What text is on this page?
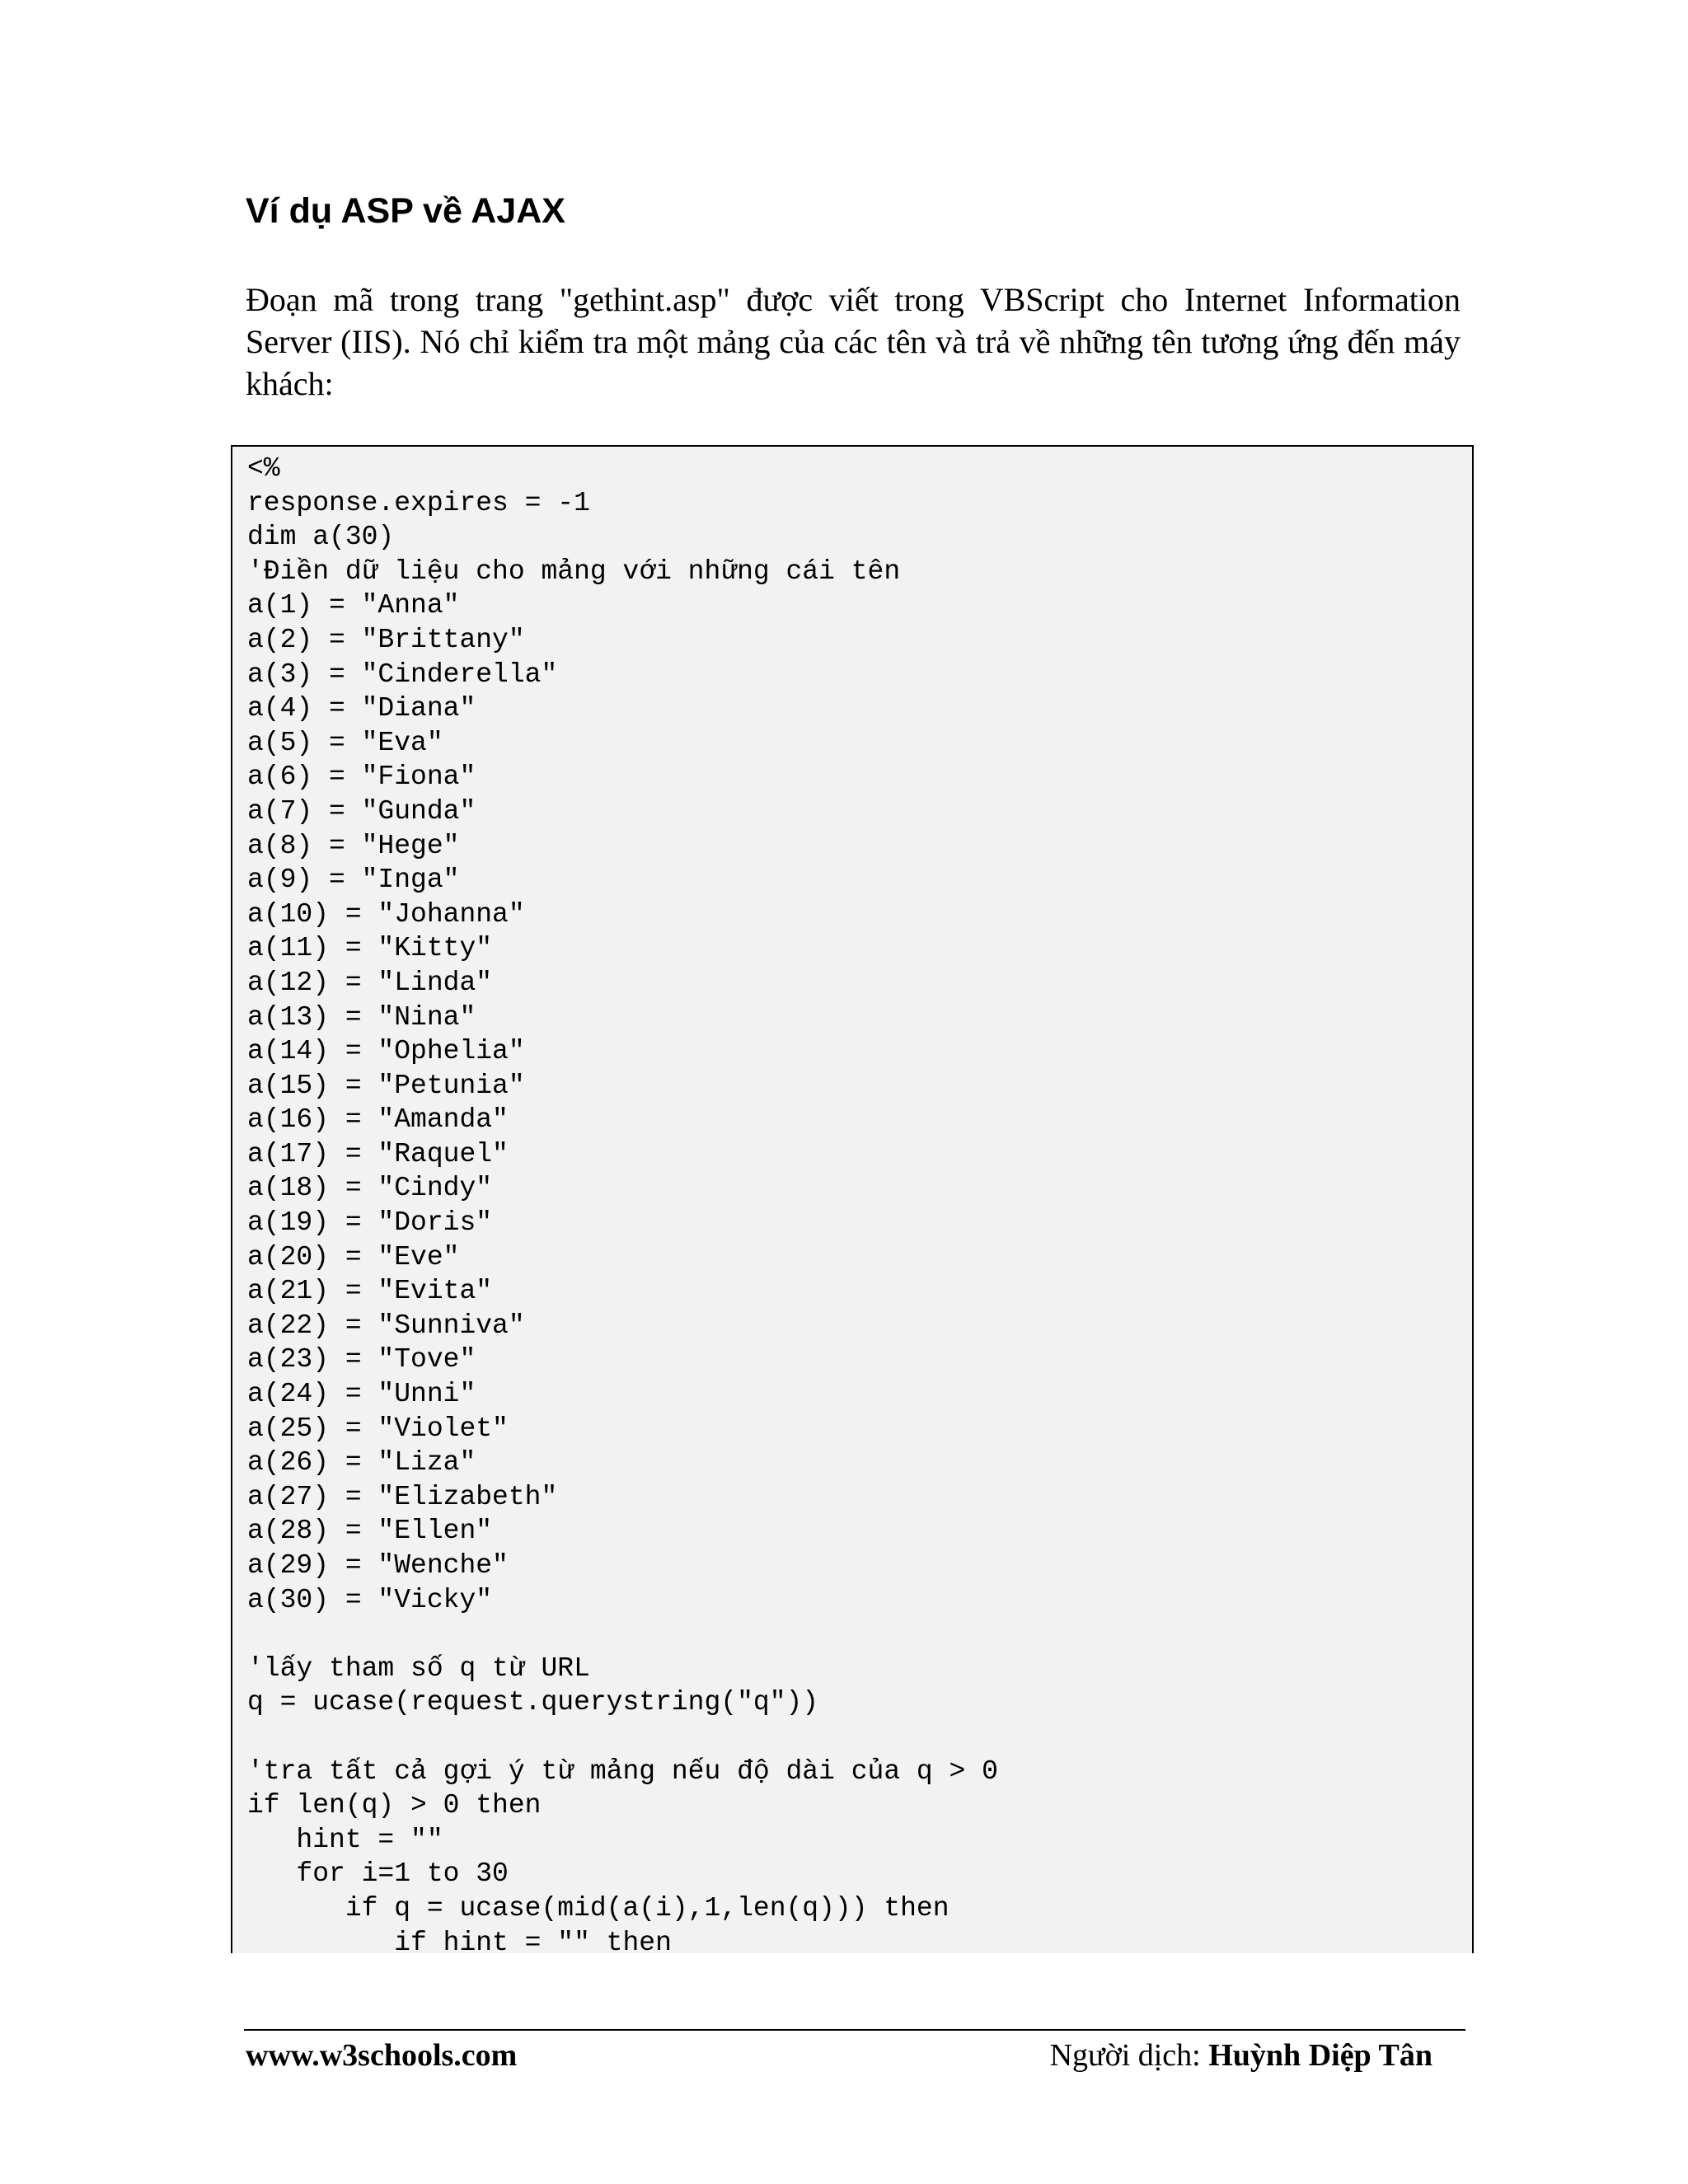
Ví dụ ASP về AJAX

Đoạn mã trong trang "gethint.asp" được viết trong VBScript cho Internet Information Server (IIS). Nó chỉ kiểm tra một mảng của các tên và trả về những tên tương ứng đến máy khách:

<%
response.expires = -1
dim a(30)
'Điền dữ liệu cho mảng với những cái tên
a(1) = "Anna"
a(2) = "Brittany"
a(3) = "Cinderella"
a(4) = "Diana"
a(5) = "Eva"
a(6) = "Fiona"
a(7) = "Gunda"
a(8) = "Hege"
a(9) = "Inga"
a(10) = "Johanna"
a(11) = "Kitty"
a(12) = "Linda"
a(13) = "Nina"
a(14) = "Ophelia"
a(15) = "Petunia"
a(16) = "Amanda"
a(17) = "Raquel"
a(18) = "Cindy"
a(19) = "Doris"
a(20) = "Eve"
a(21) = "Evita"
a(22) = "Sunniva"
a(23) = "Tove"
a(24) = "Unni"
a(25) = "Violet"
a(26) = "Liza"
a(27) = "Elizabeth"
a(28) = "Ellen"
a(29) = "Wenche"
a(30) = "Vicky"

'lấy tham số q từ URL
q = ucase(request.querystring("q"))

'tra tất cả gợi ý từ mảng nếu độ dài của q > 0
if len(q) > 0 then
hint = ""
for i=1 to 30
if q = ucase(mid(a(i),1,len(q))) then
if hint = "" then
www.w3schools.com	Người dịch: Huỳnh Diệp Tân
